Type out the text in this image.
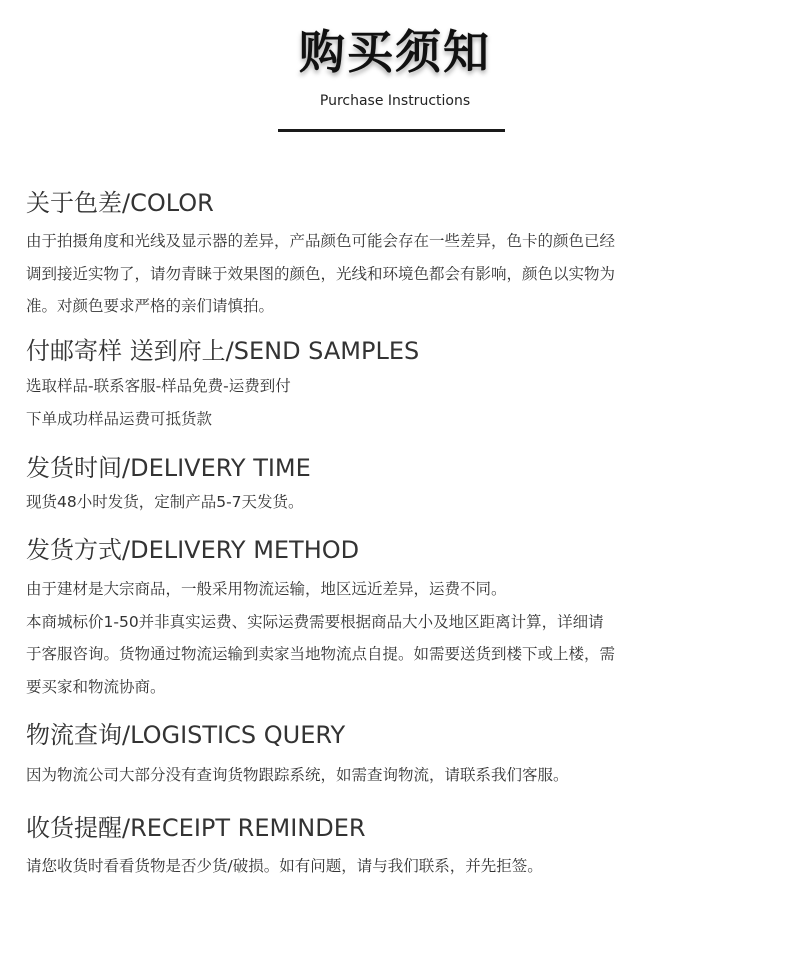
购买须知
Purchase Instructions
关于色差/COLOR

由于拍摄角度和光线及显示器的差异，产品颜色可能会存在一些差异，色卡的颜色已经

调到接近实物了，请勿青睐于效果图的颜色，光线和环境色都会有影响，颜色以实物为

准。对颜色要求严格的亲们请慎拍。

付邮寄样 送到府上/SEND SAMPLES

选取样品-联系客服-样品免费-运费到付

下单成功样品运费可抵货款

发货时间/DELIVERY TIME

现货48小时发货，定制产品5-7天发货。

发货方式/DELIVERY METHOD

由于建材是大宗商品，一般采用物流运输，地区远近差异，运费不同。

本商城标价1-50并非真实运费、实际运费需要根据商品大小及地区距离计算，详细请

于客服咨询。货物通过物流运输到卖家当地物流点自提。如需要送货到楼下或上楼，需

要买家和物流协商。

物流查询/LOGISTICS QUERY

因为物流公司大部分没有查询货物跟踪系统，如需查询物流，请联系我们客服。

收货提醒/RECEIPT REMINDER

请您收货时看看货物是否少货/破损。如有问题，请与我们联系，并先拒签。
